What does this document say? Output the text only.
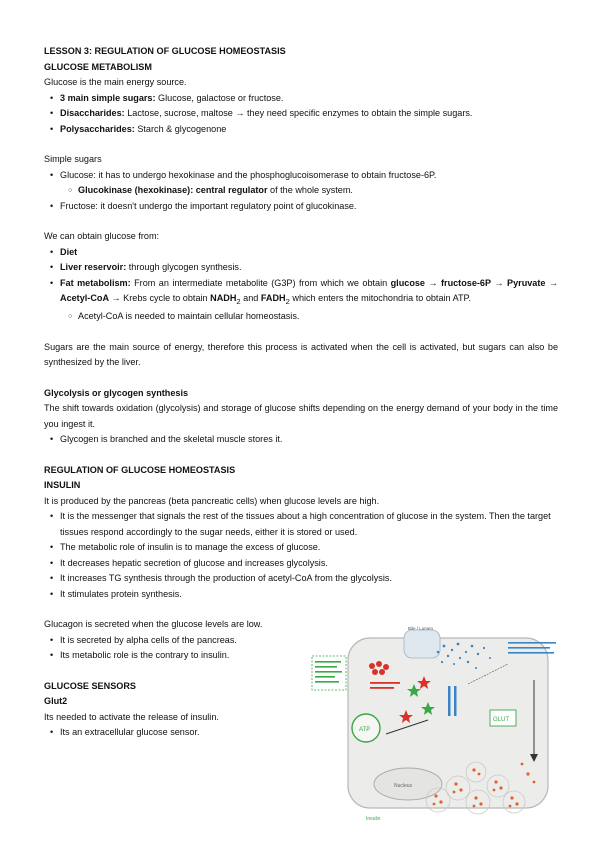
LESSON 3: REGULATION OF GLUCOSE HOMEOSTASIS

GLUCOSE METABOLISM

Glucose is the main energy source.

• 3 main simple sugars: Glucose, galactose or fructose.
• Disaccharides: Lactose, sucrose, maltose → they need specific enzymes to obtain the simple sugars.
• Polysaccharides: Starch & glycogenone

Simple sugars

• Glucose: it has to undergo hexokinase and the phosphoglucoisomerase to obtain fructose-6P.
○ Glucokinase (hexokinase): central regulator of the whole system.
• Fructose: it doesn't undergo the important regulatory point of glucokinase.

We can obtain glucose from:

• Diet
• Liver reservoir: through glycogen synthesis.
• Fat metabolism: From an intermediate metabolite (G3P) from which we obtain glucose → fructose-6P → Pyruvate → Acetyl-CoA → Krebs cycle to obtain $NADH_2$ and $FADH_2$ which enters the mitochondria to obtain ATP.
○ Acetyl-CoA is needed to maintain cellular homeostasis.

Sugars are the main source of energy, therefore this process is activated when the cell is activated, but sugars can also be synthesized by the liver.

Glycolysis or glycogen synthesis

The shift towards oxidation (glycolysis) and storage of glucose shifts depending on the energy demand of your body in the time you ingest it.

• Glycogen is branched and the skeletal muscle stores it.

REGULATION OF GLUCOSE HOMEOSTASIS

INSULIN

It is produced by the pancreas (beta pancreatic cells) when glucose levels are high.

• It is the messenger that signals the rest of the tissues about a high concentration of glucose in the system. Then the target tissues respond accordingly to the sugar needs, either it is stored or used.
• The metabolic role of insulin is to manage the excess of glucose.
• It decreases hepatic secretion of glucose and increases glycolysis.
• It increases TG synthesis through the production of acetyl-CoA from the glycolysis.
• It stimulates protein synthesis.

Glucagon is secreted when the glucose levels are low.

• It is secreted by alpha cells of the pancreas.
• Its metabolic role is the contrary to insulin.

GLUCOSE SENSORS

Glut2

Its needed to activate the release of insulin.

• Its an extracellular glucose sensor.
Bile / Lumen
ATP
GLUT
Nucleus
Insulin
